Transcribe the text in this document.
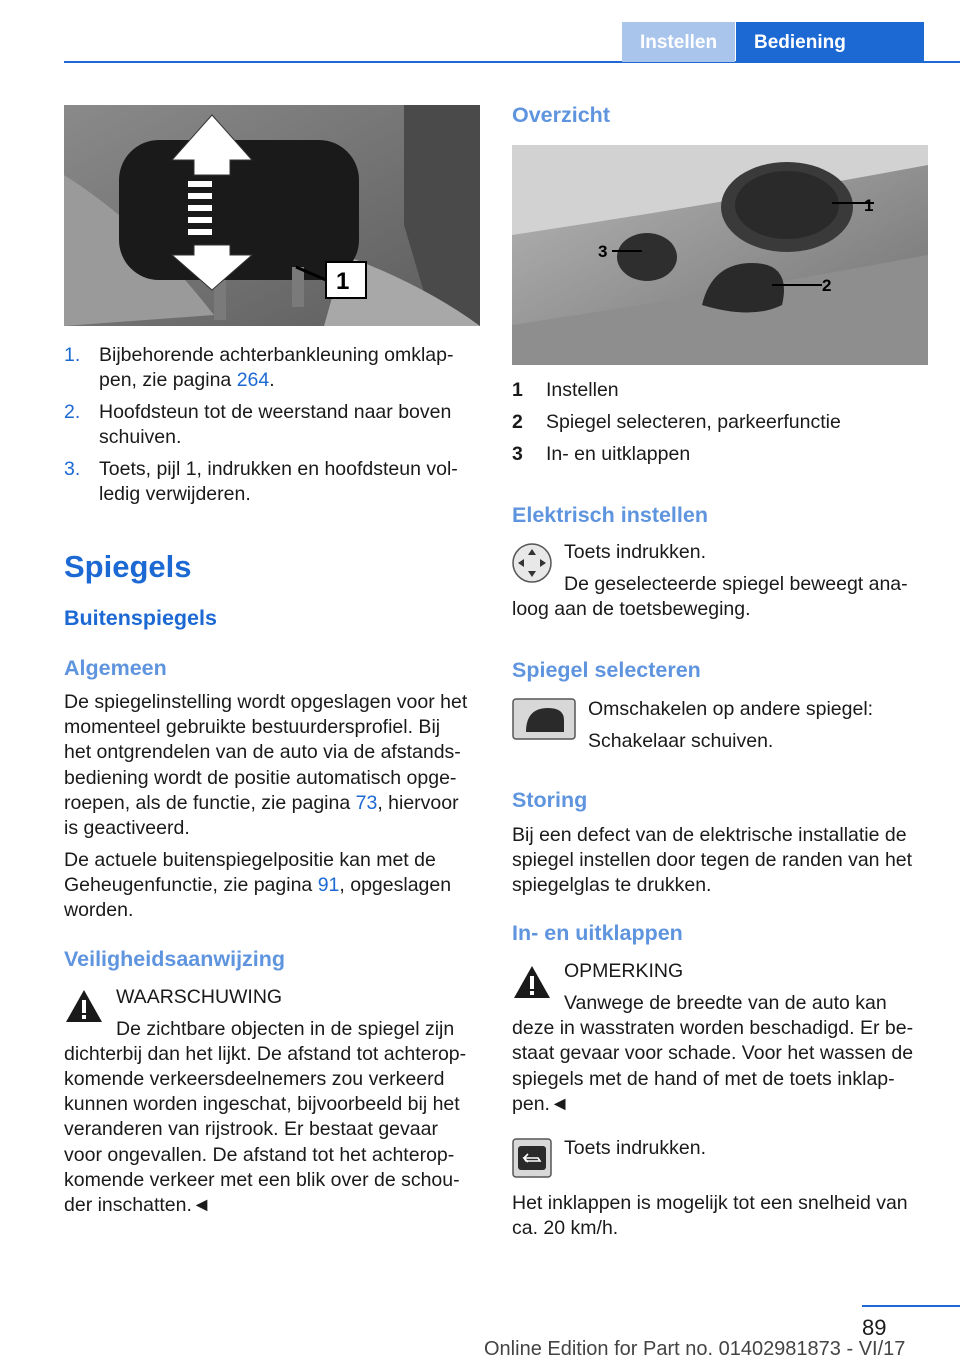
Instellen	Bediening
1
1. Bijbehorende achterbankleuning omklap-
pen, zie pagina 264.
2. Hoofdsteun tot de weerstand naar boven
schuiven.
3. Toets, pijl 1, indrukken en hoofdsteun vol-
ledig verwijderen.
Spiegels
Buitenspiegels
Algemeen

De spiegelinstelling wordt opgeslagen voor het

momenteel gebruikte bestuurdersprofiel. Bij

het ontgrendelen van de auto via de afstands-

bediening wordt de positie automatisch opge-

roepen, als de functie, zie pagina 73, hiervoor

is geactiveerd.

De actuele buitenspiegelpositie kan met de

Geheugenfunctie, zie pagina 91, opgeslagen

worden.

Veiligheidsaanwijzing

WAARSCHUWING

De zichtbare objecten in de spiegel zijn

dichterbij dan het lijkt. De afstand tot achterop-

komende verkeersdeelnemers zou verkeerd

kunnen worden ingeschat, bijvoorbeeld bij het

veranderen van rijstrook. Er bestaat gevaar

voor ongevallen. De afstand tot het achterop-

komende verkeer met een blik over de schou-

der inschatten.◄

Overzicht
1
2
3
1 Instellen
2 Spiegel selecteren, parkeerfunctie
3 In- en uitklappen
Elektrisch instellen

Toets indrukken.

De geselecteerde spiegel beweegt ana-

loog aan de toetsbeweging.

Spiegel selecteren

Omschakelen op andere spiegel:

Schakelaar schuiven.

Storing

Bij een defect van de elektrische installatie de

spiegel instellen door tegen de randen van het

spiegelglas te drukken.

In- en uitklappen

OPMERKING

Vanwege de breedte van de auto kan

deze in wasstraten worden beschadigd. Er be-

staat gevaar voor schade. Voor het wassen de

spiegels met de hand of met de toets inklap-

pen.◄

Toets indrukken.

Het inklappen is mogelijk tot een snelheid van

ca. 20 km/h.

89
Online Edition for Part no. 01402981873 - VI/17
